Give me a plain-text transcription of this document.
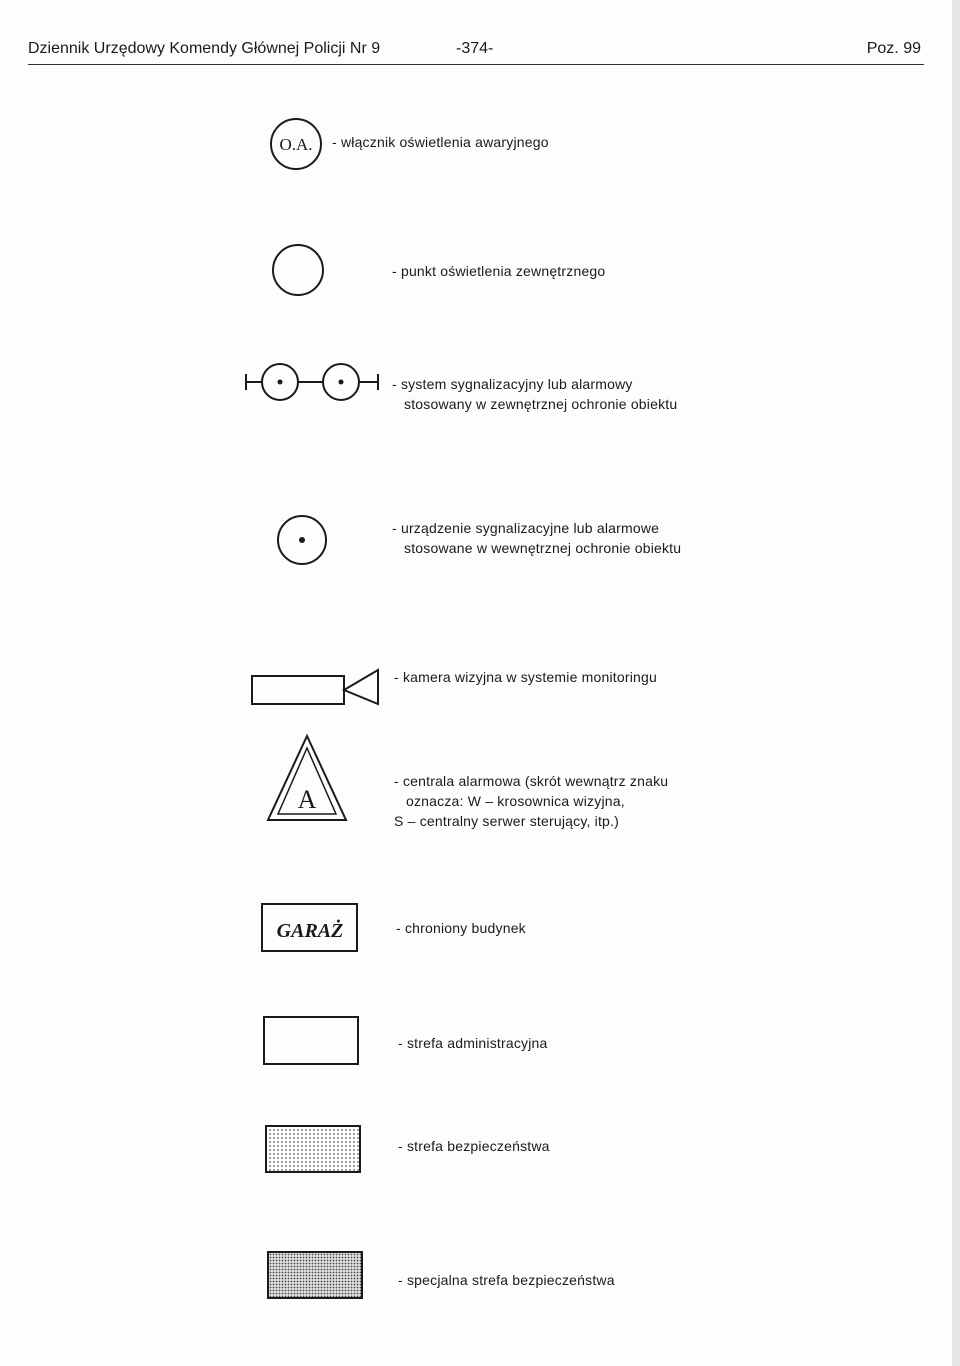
Dziennik Urzędowy Komendy Głównej Policji Nr 9	-374-	Poz. 99
O.A. - włącznik oświetlenia awaryjnego
- punkt oświetlenia zewnętrznego
- system sygnalizacyjny lub alarmowy
stosowany w zewnętrznej ochronie obiektu
- urządzenie sygnalizacyjne lub alarmowe
stosowane w wewnętrznej ochronie obiektu
- kamera wizyjna w systemie monitoringu
A
- centrala alarmowa (skrót wewnątrz znaku
oznacza: W – krosownica wizyjna,
S – centralny serwer sterujący, itp.)
GARAŻ	- chroniony budynek
- strefa administracyjna
- strefa bezpieczeństwa
- specjalna strefa bezpieczeństwa
